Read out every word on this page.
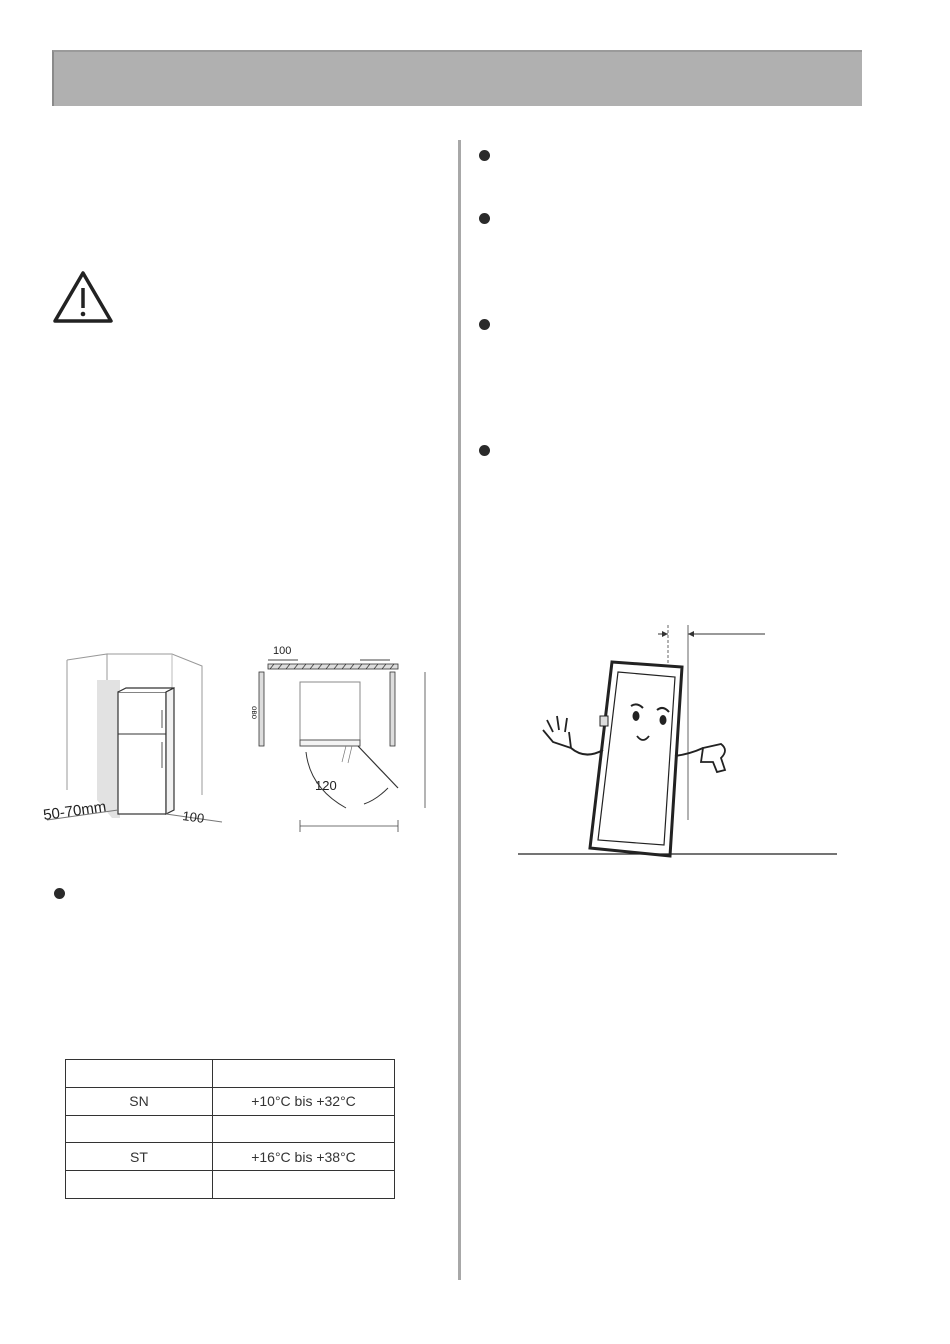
50-70mm	100
100
120
ово

SN	+10°C bis +32°C

ST	+16°C bis +38°C
